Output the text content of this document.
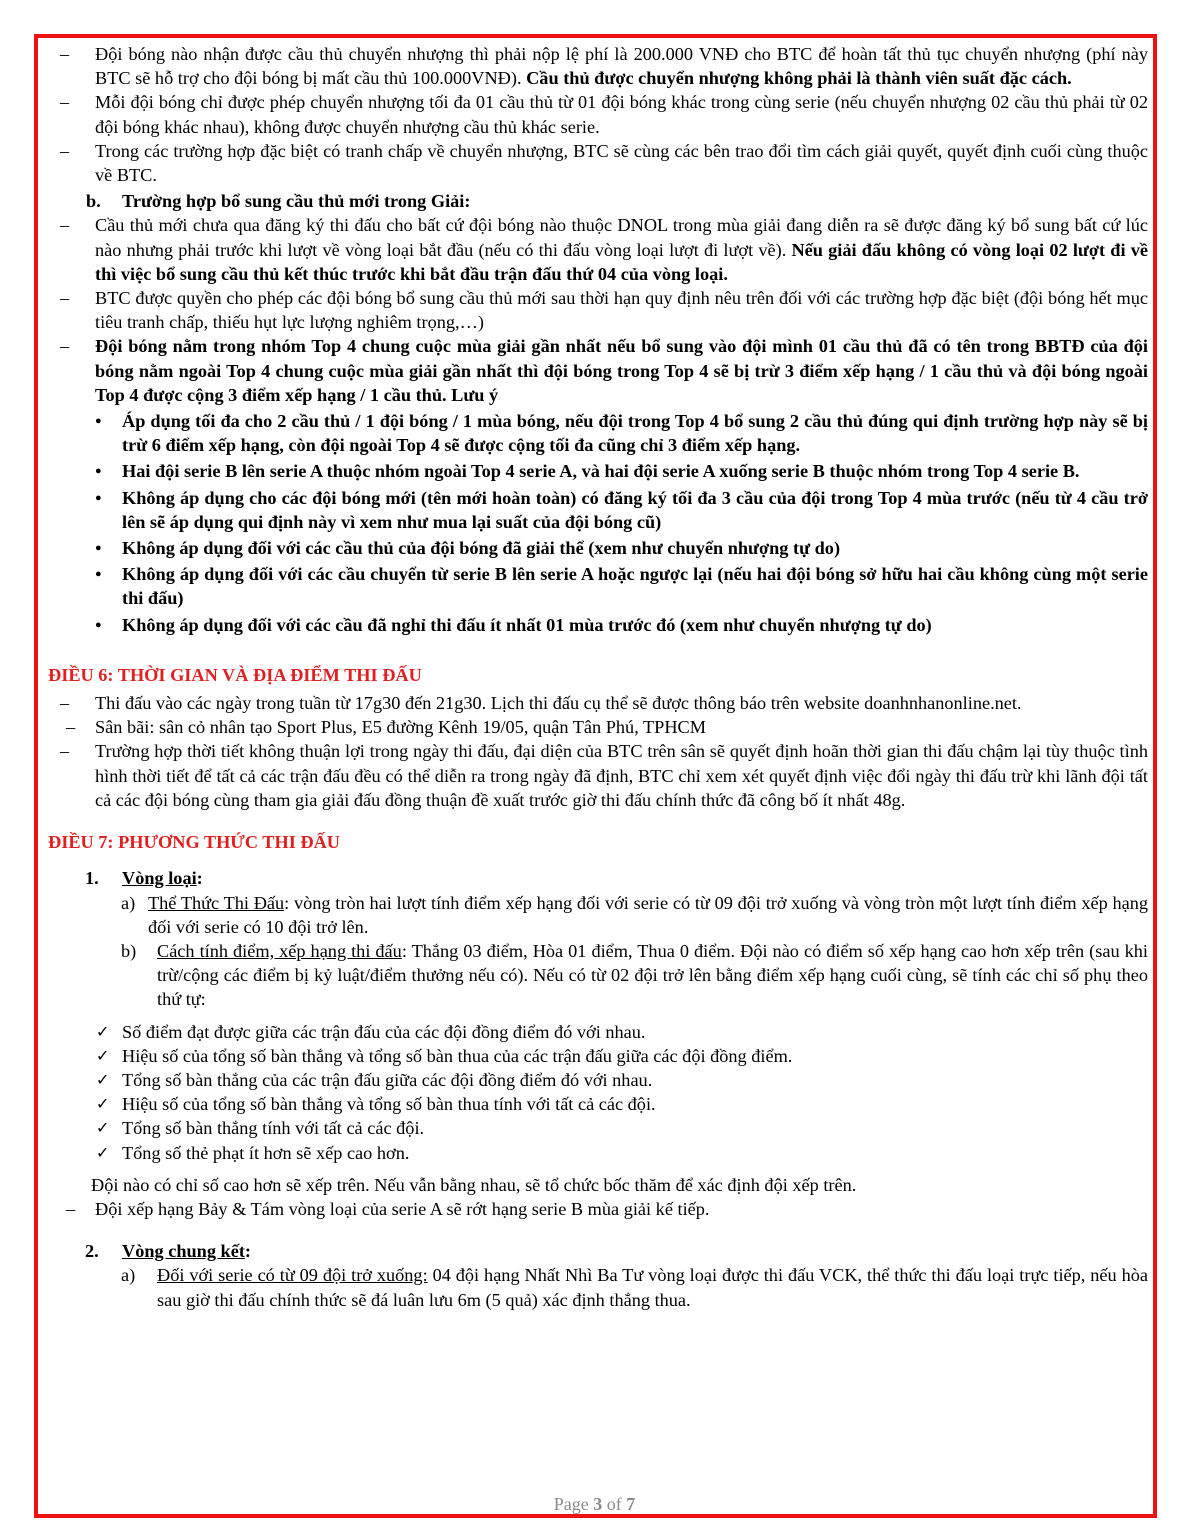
– Đội bóng nào nhận được cầu thủ chuyển nhượng thì phải nộp lệ phí là 200.000 VNĐ cho BTC để hoàn tất thủ tục chuyển nhượng (phí này BTC sẽ hỗ trợ cho đội bóng bị mất cầu thủ 100.000VNĐ). Cầu thủ được chuyển nhượng không phải là thành viên suất đặc cách.
– Mỗi đội bóng chỉ được phép chuyển nhượng tối đa 01 cầu thủ từ 01 đội bóng khác trong cùng serie (nếu chuyển nhượng 02 cầu thủ phải từ 02 đội bóng khác nhau), không được chuyển nhượng cầu thủ khác serie.
– Trong các trường hợp đặc biệt có tranh chấp về chuyển nhượng, BTC sẽ cùng các bên trao đổi tìm cách giải quyết, quyết định cuối cùng thuộc về BTC.
b. Trường hợp bổ sung cầu thủ mới trong Giải:
– Cầu thủ mới chưa qua đăng ký thi đấu cho bất cứ đội bóng nào thuộc DNOL trong mùa giải đang diễn ra sẽ được đăng ký bổ sung bất cứ lúc nào nhưng phải trước khi lượt về vòng loại bắt đầu (nếu có thi đấu vòng loại lượt đi lượt về). Nếu giải đấu không có vòng loại 02 lượt đi về thì việc bổ sung cầu thủ kết thúc trước khi bắt đầu trận đấu thứ 04 của vòng loại.
– BTC được quyền cho phép các đội bóng bổ sung cầu thủ mới sau thời hạn quy định nêu trên đối với các trường hợp đặc biệt (đội bóng hết mục tiêu tranh chấp, thiếu hụt lực lượng nghiêm trọng,…)
– Đội bóng nằm trong nhóm Top 4 chung cuộc mùa giải gần nhất nếu bổ sung vào đội mình 01 cầu thủ đã có tên trong BBTĐ của đội bóng nằm ngoài Top 4 chung cuộc mùa giải gần nhất thì đội bóng trong Top 4 sẽ bị trừ 3 điểm xếp hạng / 1 cầu thủ và đội bóng ngoài Top 4 được cộng 3 điểm xếp hạng / 1 cầu thủ. Lưu ý
● Áp dụng tối đa cho 2 cầu thủ / 1 đội bóng / 1 mùa bóng, nếu đội trong Top 4 bổ sung 2 cầu thủ đúng qui định trường hợp này sẽ bị trừ 6 điểm xếp hạng, còn đội ngoài Top 4 sẽ được cộng tối đa cũng chỉ 3 điểm xếp hạng.
● Hai đội serie B lên serie A thuộc nhóm ngoài Top 4 serie A, và hai đội serie A xuống serie B thuộc nhóm trong Top 4 serie B.
● Không áp dụng cho các đội bóng mới (tên mới hoàn toàn) có đăng ký tối đa 3 cầu của đội trong Top 4 mùa trước (nếu từ 4 cầu trở lên sẽ áp dụng qui định này vì xem như mua lại suất của đội bóng cũ)
● Không áp dụng đối với các cầu thủ của đội bóng đã giải thể (xem như chuyển nhượng tự do)
● Không áp dụng đối với các cầu chuyển từ serie B lên serie A hoặc ngược lại (nếu hai đội bóng sở hữu hai cầu không cùng một serie thi đấu)
● Không áp dụng đối với các cầu đã nghỉ thi đấu ít nhất 01 mùa trước đó (xem như chuyển nhượng tự do)
ĐIỀU 6: THỜI GIAN VÀ ĐỊA ĐIỂM THI ĐẤU
– Thi đấu vào các ngày trong tuần từ 17g30 đến 21g30. Lịch thi đấu cụ thể sẽ được thông báo trên website doanhnhanonline.net.
– Sân bãi: sân cỏ nhân tạo Sport Plus, E5 đường Kênh 19/05, quận Tân Phú, TPHCM
– Trường hợp thời tiết không thuận lợi trong ngày thi đấu, đại diện của BTC trên sân sẽ quyết định hoãn thời gian thi đấu chậm lại tùy thuộc tình hình thời tiết để tất cả các trận đấu đều có thể diễn ra trong ngày đã định, BTC chỉ xem xét quyết định việc đổi ngày thi đấu trừ khi lãnh đội tất cả các đội bóng cùng tham gia giải đấu đồng thuận đề xuất trước giờ thi đấu chính thức đã công bố ít nhất 48g.
ĐIỀU 7: PHƯƠNG THỨC THI ĐẤU
1. Vòng loại:
a) Thể Thức Thi Đấu: vòng tròn hai lượt tính điểm xếp hạng đối với serie có từ 09 đội trở xuống và vòng tròn một lượt tính điểm xếp hạng đối với serie có 10 đội trở lên.
b) Cách tính điểm, xếp hạng thi đấu: Thắng 03 điểm, Hòa 01 điểm, Thua 0 điểm. Đội nào có điểm số xếp hạng cao hơn xếp trên (sau khi trừ/cộng các điểm bị kỷ luật/điểm thưởng nếu có). Nếu có từ 02 đội trở lên bằng điểm xếp hạng cuối cùng, sẽ tính các chỉ số phụ theo thứ tự:
✓ Số điểm đạt được giữa các trận đấu của các đội đồng điểm đó với nhau.
✓ Hiệu số của tổng số bàn thắng và tổng số bàn thua của các trận đấu giữa các đội đồng điểm.
✓ Tổng số bàn thắng của các trận đấu giữa các đội đồng điểm đó với nhau.
✓ Hiệu số của tổng số bàn thắng và tổng số bàn thua tính với tất cả các đội.
✓ Tổng số bàn thắng tính với tất cả các đội.
✓ Tổng số thẻ phạt ít hơn sẽ xếp cao hơn.
Đội nào có chỉ số cao hơn sẽ xếp trên. Nếu vẫn bằng nhau, sẽ tổ chức bốc thăm để xác định đội xếp trên.
– Đội xếp hạng Bảy & Tám vòng loại của serie A sẽ rớt hạng serie B mùa giải kế tiếp.
2. Vòng chung kết:
a) Đối với serie có từ 09 đội trở xuống: 04 đội hạng Nhất Nhì Ba Tư vòng loại được thi đấu VCK, thể thức thi đấu loại trực tiếp, nếu hòa sau giờ thi đấu chính thức sẽ đá luân lưu 6m (5 quả) xác định thắng thua.
Page 3 of 7
